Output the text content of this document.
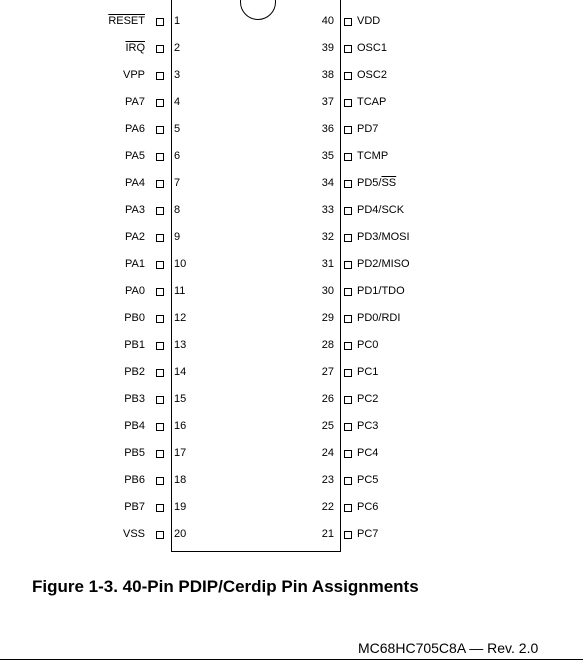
RESET	1
$\overline{IRQ}$	2
VPP	3
PA7	4
PA6	5
PA5	6
PA4	7
PA3	8
PA2	9
PA1	10
PA0	11
PB0	12
PB1	13
PB2	14
PB3	15
PB4	16
PB5	17
PB6	18
PB7	19
VSS	20
40 VDD
39 OSC1
38 OSC2
37 TCAP
36 PD7
35 TCMP
34 $PD5/\overline{SS}$
33 PD4/SCK
32 PD3/MOSI
31 PD2/MISO
30 PD1/TDO
29 PD0/RDI
28 PC0
27 PC1
26 PC2
25 PC3
24 PC4
23 PC5
22 PC6
21 PC7
Figure 1-3. 40-Pin PDIP/Cerdip Pin Assignments
MC68HC705C8A — Rev. 2.0
